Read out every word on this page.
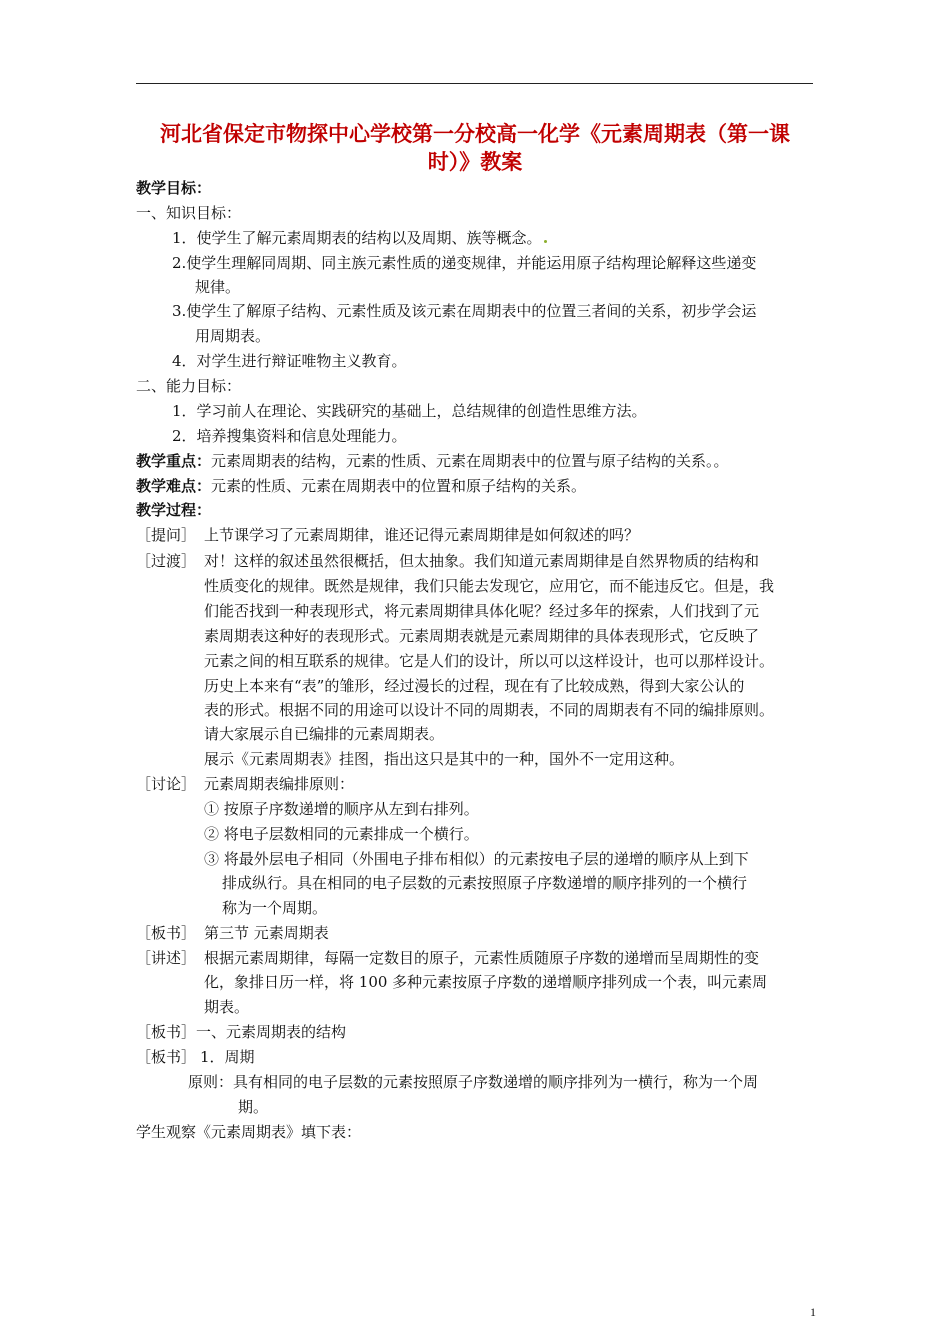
河北省保定市物探中心学校第一分校高一化学《元素周期表（第一课
时）》教案
教学目标：
一、知识目标：
1．使学生了解元素周期表的结构以及周期、族等概念。
2.使学生理解同周期、同主族元素性质的递变规律，并能运用原子结构理论解释这些递变
规律。
3.使学生了解原子结构、元素性质及该元素在周期表中的位置三者间的关系，初步学会运
用周期表。
4．对学生进行辩证唯物主义教育。
二、能力目标：
1．学习前人在理论、实践研究的基础上，总结规律的创造性思维方法。
2．培养搜集资料和信息处理能力。
教学重点：元素周期表的结构，元素的性质、元素在周期表中的位置与原子结构的关系。。
教学难点：元素的性质、元素在周期表中的位置和原子结构的关系。
教学过程：
［提问］ 上节课学习了元素周期律，谁还记得元素周期律是如何叙述的吗？
［过渡］ 对！这样的叙述虽然很概括，但太抽象。我们知道元素周期律是自然界物质的结构和
性质变化的规律。既然是规律，我们只能去发现它，应用它，而不能违反它。但是，我
们能否找到一种表现形式，将元素周期律具体化呢？经过多年的探索，人们找到了元
素周期表这种好的表现形式。元素周期表就是元素周期律的具体表现形式，它反映了
元素之间的相互联系的规律。它是人们的设计，所以可以这样设计，也可以那样设计。
历史上本来有“表”的雏形，经过漫长的过程，现在有了比较成熟，得到大家公认的
表的形式。根据不同的用途可以设计不同的周期表，不同的周期表有不同的编排原则。
请大家展示自已编排的元素周期表。
展示《元素周期表》挂图，指出这只是其中的一种，国外不一定用这种。
［讨论］ 元素周期表编排原则：
① 按原子序数递增的顺序从左到右排列。
② 将电子层数相同的元素排成一个横行。
③ 将最外层电子相同（外围电子排布相似）的元素按电子层的递增的顺序从上到下
排成纵行。具在相同的电子层数的元素按照原子序数递增的顺序排列的一个横行
称为一个周期。
［板书］ 第三节 元素周期表
［讲述］ 根据元素周期律，每隔一定数目的原子，元素性质随原子序数的递增而呈周期性的变
化，象排日历一样，将 100 多种元素按原子序数的递增顺序排列成一个表，叫元素周
期表。
［板书］一、元素周期表的结构
［板书］ 1．周期
原则：具有相同的电子层数的元素按照原子序数递增的顺序排列为一横行，称为一个周
期。
学生观察《元素周期表》填下表：
1
